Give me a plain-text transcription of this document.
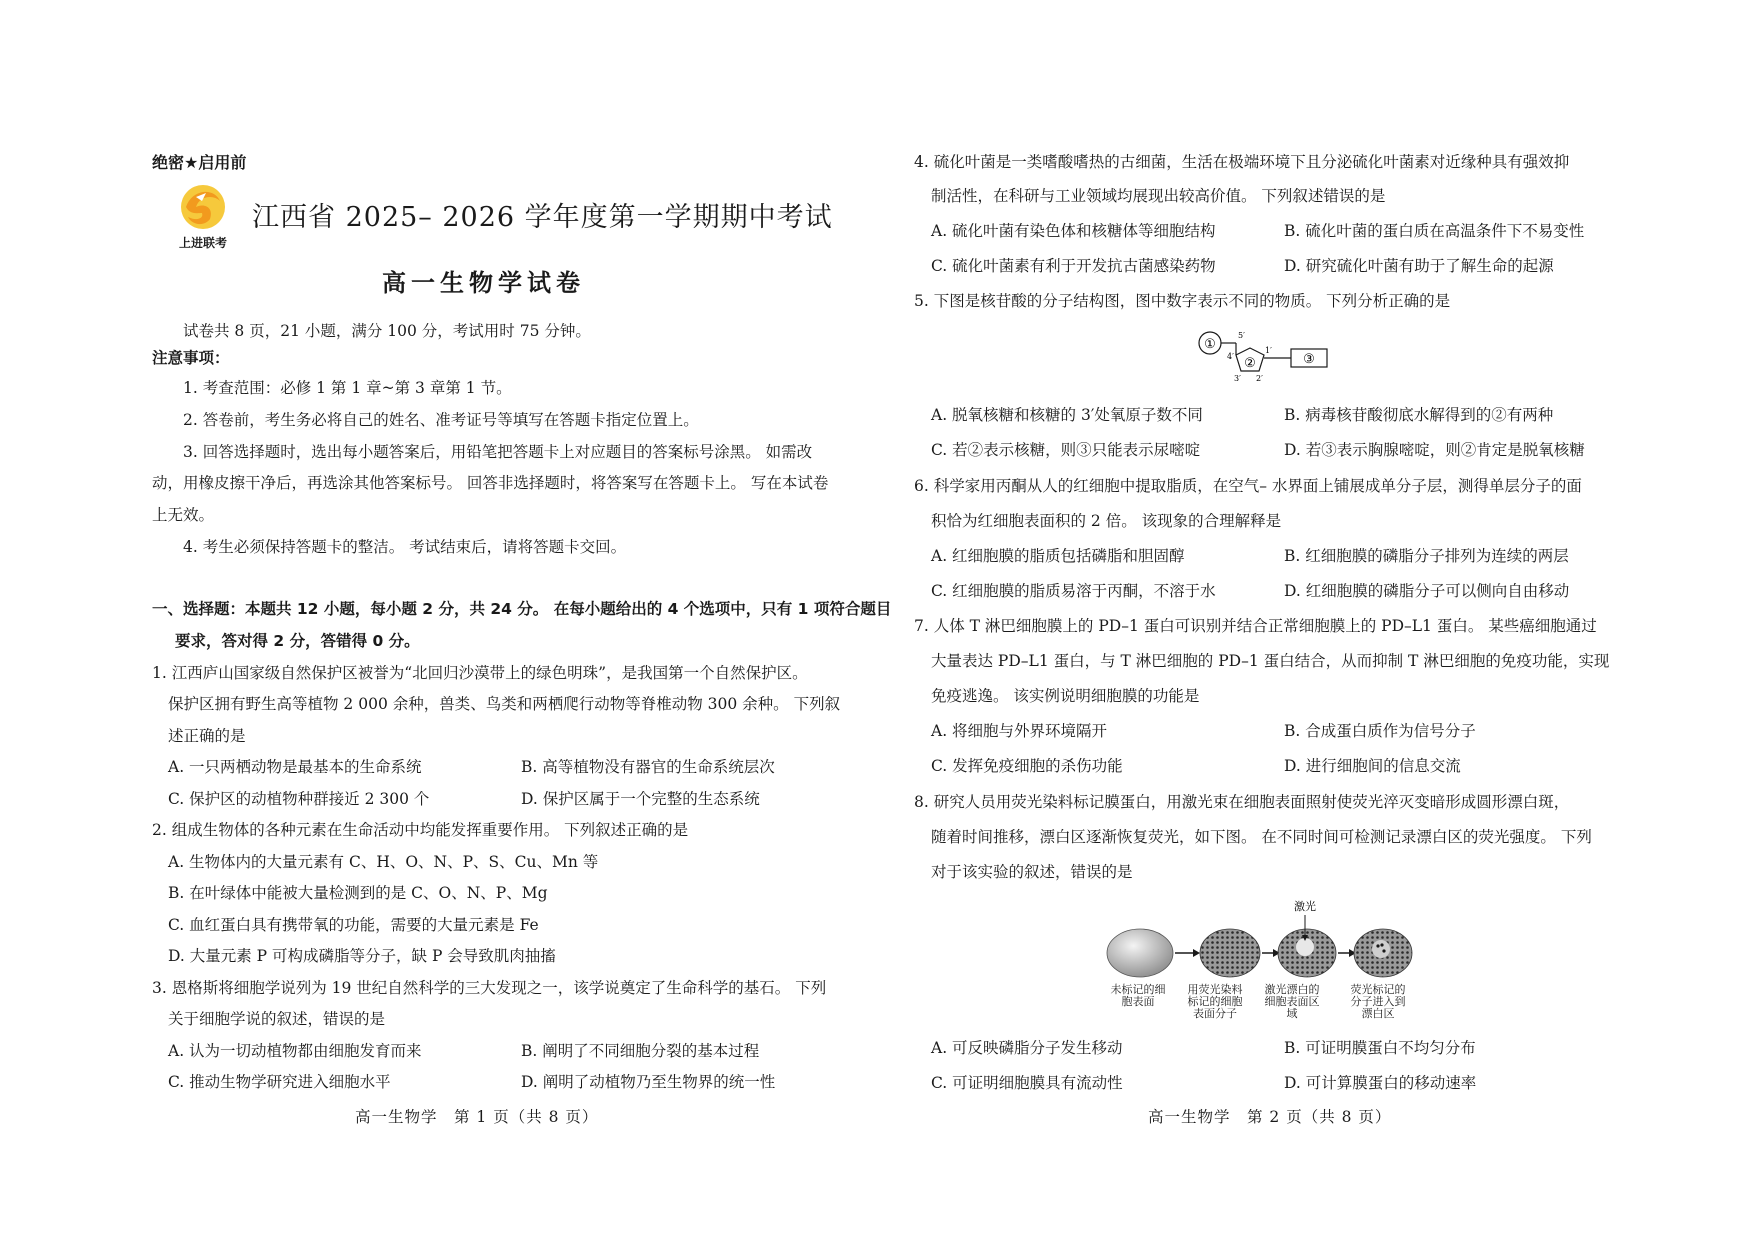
绝密★启用前
上进联考
江西省 2025– 2026 学年度第一学期期中考试
高一生物学试卷
试卷共 8 页，21 小题，满分 100 分，考试用时 75 分钟。
注意事项：
1. 考查范围：必修 1 第 1 章~第 3 章第 1 节。
2. 答卷前，考生务必将自己的姓名、准考证号等填写在答题卡指定位置上。
3. 回答选择题时，选出每小题答案后，用铅笔把答题卡上对应题目的答案标号涂黑。 如需改
动，用橡皮擦干净后，再选涂其他答案标号。 回答非选择题时，将答案写在答题卡上。 写在本试卷
上无效。
4. 考生必须保持答题卡的整洁。 考试结束后，请将答题卡交回。
一、选择题：本题共 12 小题，每小题 2 分，共 24 分。 在每小题给出的 4 个选项中，只有 1 项符合题目
要求，答对得 2 分，答错得 0 分。
1. 江西庐山国家级自然保护区被誉为“北回归沙漠带上的绿色明珠”，是我国第一个自然保护区。
保护区拥有野生高等植物 2 000 余种，兽类、鸟类和两栖爬行动物等脊椎动物 300 余种。 下列叙
述正确的是
A. 一只两栖动物是最基本的生命系统	B. 高等植物没有器官的生命系统层次
C. 保护区的动植物种群接近 2 300 个	D. 保护区属于一个完整的生态系统
2. 组成生物体的各种元素在生命活动中均能发挥重要作用。 下列叙述正确的是
A. 生物体内的大量元素有 C、H、O、N、P、S、Cu、Mn 等
B. 在叶绿体中能被大量检测到的是 C、O、N、P、Mg
C. 血红蛋白具有携带氧的功能，需要的大量元素是 Fe
D. 大量元素 P 可构成磷脂等分子，缺 P 会导致肌肉抽搐
3. 恩格斯将细胞学说列为 19 世纪自然科学的三大发现之一，该学说奠定了生命科学的基石。 下列
关于细胞学说的叙述，错误的是
A. 认为一切动植物都由细胞发育而来	B. 阐明了不同细胞分裂的基本过程
C. 推动生物学研究进入细胞水平	D. 阐明了动植物乃至生物界的统一性
高一生物学　第 1 页（共 8 页）
4. 硫化叶菌是一类嗜酸嗜热的古细菌，生活在极端环境下且分泌硫化叶菌素对近缘种具有强效抑
制活性，在科研与工业领域均展现出较高价值。 下列叙述错误的是
A. 硫化叶菌有染色体和核糖体等细胞结构	B. 硫化叶菌的蛋白质在高温条件下不易变性
C. 硫化叶菌素有利于开发抗古菌感染药物	D. 研究硫化叶菌有助于了解生命的起源
5. 下图是核苷酸的分子结构图，图中数字表示不同的物质。 下列分析正确的是
①
5′
②
4′
1′
3′ 2′
③
A. 脱氧核糖和核糖的 3′处氧原子数不同	B. 病毒核苷酸彻底水解得到的②有两种
C. 若②表示核糖，则③只能表示尿嘧啶	D. 若③表示胸腺嘧啶，则②肯定是脱氧核糖
6. 科学家用丙酮从人的红细胞中提取脂质，在空气– 水界面上铺展成单分子层，测得单层分子的面
积恰为红细胞表面积的 2 倍。 该现象的合理解释是
A. 红细胞膜的脂质包括磷脂和胆固醇	B. 红细胞膜的磷脂分子排列为连续的两层
C. 红细胞膜的脂质易溶于丙酮，不溶于水	D. 红细胞膜的磷脂分子可以侧向自由移动
7. 人体 T 淋巴细胞膜上的 PD–1 蛋白可识别并结合正常细胞膜上的 PD–L1 蛋白。 某些癌细胞通过
大量表达 PD–L1 蛋白，与 T 淋巴细胞的 PD–1 蛋白结合，从而抑制 T 淋巴细胞的免疫功能，实现
免疫逃逸。 该实例说明细胞膜的功能是
A. 将细胞与外界环境隔开	B. 合成蛋白质作为信号分子
C. 发挥免疫细胞的杀伤功能	D. 进行细胞间的信息交流
8. 研究人员用荧光染料标记膜蛋白，用激光束在细胞表面照射使荧光淬灭变暗形成圆形漂白斑，
随着时间推移，漂白区逐渐恢复荧光，如下图。 在不同时间可检测记录漂白区的荧光强度。 下列
对于该实验的叙述，错误的是
激光
未标记的细胞表面
用荧光染料标记的细胞表面分子
激光漂白的细胞表面区域
荧光标记的分子进入到漂白区
A. 可反映磷脂分子发生移动	B. 可证明膜蛋白不均匀分布
C. 可证明细胞膜具有流动性	D. 可计算膜蛋白的移动速率
高一生物学　第 2 页（共 8 页）
